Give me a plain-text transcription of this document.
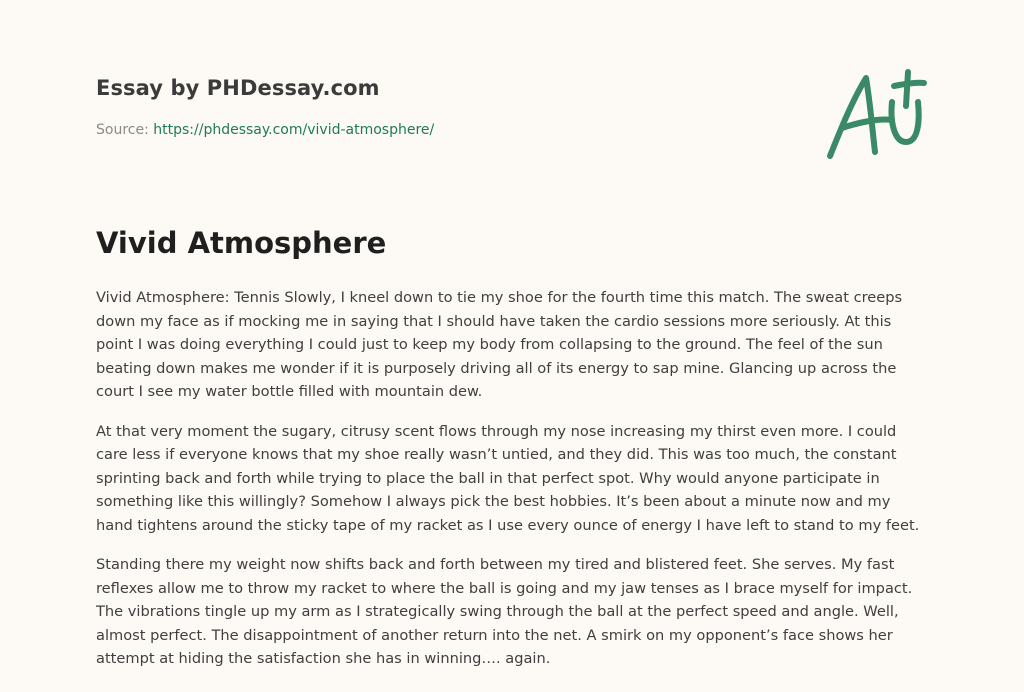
Essay by PHDessay.com
Source: https://phdessay.com/vivid-atmosphere/
Vivid Atmosphere

Vivid Atmosphere: Tennis Slowly, I kneel down to tie my shoe for the fourth time this match. The sweat creeps down my face as if mocking me in saying that I should have taken the cardio sessions more seriously. At this point I was doing everything I could just to keep my body from collapsing to the ground. The feel of the sun beating down makes me wonder if it is purposely driving all of its energy to sap mine. Glancing up across the court I see my water bottle filled with mountain dew.

At that very moment the sugary, citrusy scent flows through my nose increasing my thirst even more. I could care less if everyone knows that my shoe really wasn’t untied, and they did. This was too much, the constant sprinting back and forth while trying to place the ball in that perfect spot. Why would anyone participate in something like this willingly? Somehow I always pick the best hobbies. It’s been about a minute now and my hand tightens around the sticky tape of my racket as I use every ounce of energy I have left to stand to my feet.

Standing there my weight now shifts back and forth between my tired and blistered feet. She serves. My fast reflexes allow me to throw my racket to where the ball is going and my jaw tenses as I brace myself for impact. The vibrations tingle up my arm as I strategically swing through the ball at the perfect speed and angle. Well, almost perfect. The disappointment of another return into the net. A smirk on my opponent’s face shows her attempt at hiding the satisfaction she has in winning…. again.
